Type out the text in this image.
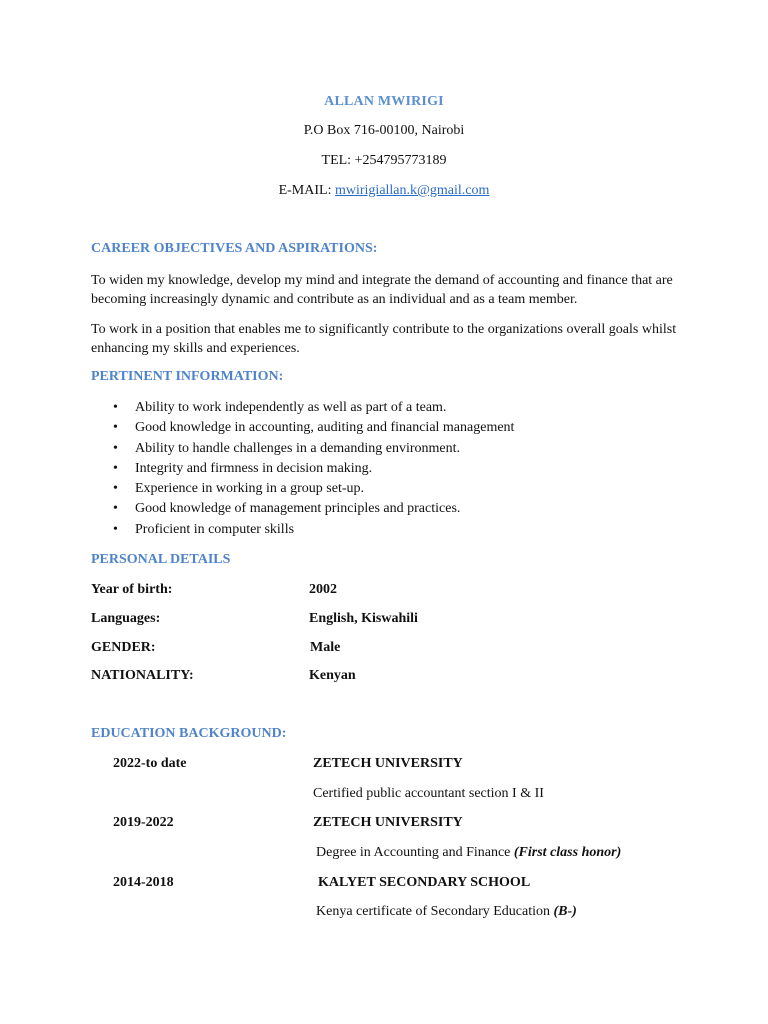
ALLAN MWIRIGI
P.O Box 716-00100, Nairobi
TEL: +254795773189
E-MAIL: mwirigiallan.k@gmail.com
CAREER OBJECTIVES AND ASPIRATIONS:
To widen my knowledge, develop my mind and integrate the demand of accounting and finance that are becoming increasingly dynamic and contribute as an individual and as a team member.
To work in a position that enables me to significantly contribute to the organizations overall goals whilst enhancing my skills and experiences.
PERTINENT INFORMATION:
• Ability to work independently as well as part of a team.
• Good knowledge in accounting, auditing and financial management
• Ability to handle challenges in a demanding environment.
• Integrity and firmness in decision making.
• Experience in working in a group set-up.
• Good knowledge of management principles and practices.
• Proficient in computer skills
PERSONAL DETAILS
Year of birth:	2002
Languages:	English, Kiswahili
GENDER:	Male
NATIONALITY:	Kenyan
EDUCATION BACKGROUND:
2022-to date	ZETECH UNIVERSITY
Certified public accountant section I & II
2019-2022	ZETECH UNIVERSITY
Degree in Accounting and Finance (First class honor)
2014-2018	KALYET SECONDARY SCHOOL
Kenya certificate of Secondary Education (B-)
